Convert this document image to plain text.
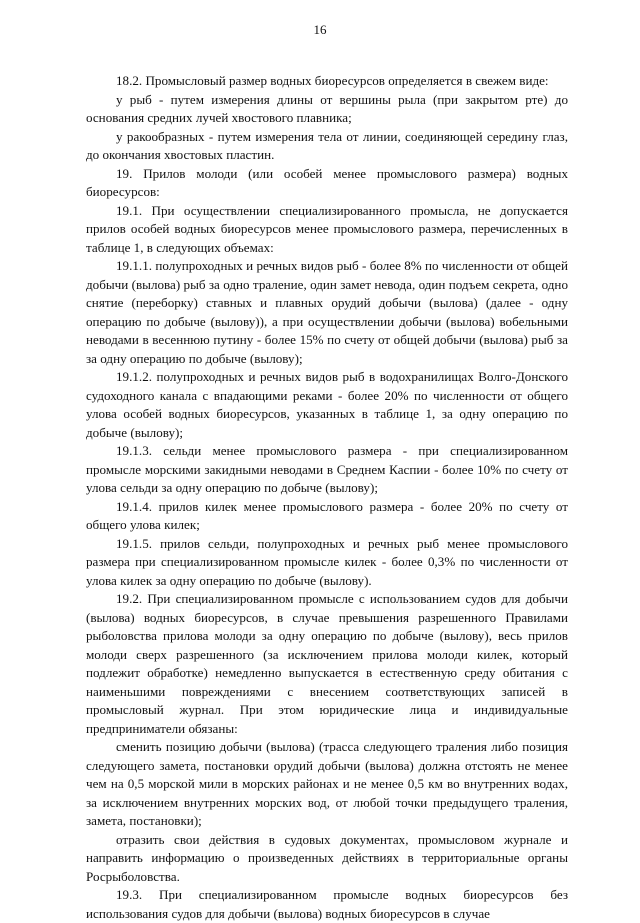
16

18.2. Промысловый размер водных биоресурсов определяется в свежем виде:

у рыб - путем измерения длины от вершины рыла (при закрытом рте) до основания средних лучей хвостового плавника;

у ракообразных - путем измерения тела от линии, соединяющей середину глаз, до окончания хвостовых пластин.

19. Прилов молоди (или особей менее промыслового размера) водных биоресурсов:

19.1. При осуществлении специализированного промысла, не допускается прилов особей водных биоресурсов менее промыслового размера, перечисленных в таблице 1, в следующих объемах:

19.1.1. полупроходных и речных видов рыб - более 8% по численности от общей добычи (вылова) рыб за одно траление, один замет невода, один подъем секрета, одно снятие (переборку) ставных и плавных орудий добычи (вылова) (далее - одну операцию по добыче (вылову)), а при осуществлении добычи (вылова) вобельными неводами в весеннюю путину - более 15% по счету от общей добычи (вылова) рыб за за одну операцию по добыче (вылову);

19.1.2. полупроходных и речных видов рыб в водохранилищах Волго-Донского судоходного канала с впадающими реками - более 20% по численности от общего улова особей водных биоресурсов, указанных в таблице 1, за одну операцию по добыче (вылову);

19.1.3. сельди менее промыслового размера - при специализированном промысле морскими закидными неводами в Среднем Каспии - более 10% по счету от улова сельди за одну операцию по добыче (вылову);

19.1.4. прилов килек менее промыслового размера - более 20% по счету от общего улова килек;

19.1.5. прилов сельди, полупроходных и речных рыб менее промыслового размера при специализированном промысле килек - более 0,3% по численности от улова килек за одну операцию по добыче (вылову).

19.2. При специализированном промысле с использованием судов для добычи (вылова) водных биоресурсов, в случае превышения разрешенного Правилами рыболовства прилова молоди за одну операцию по добыче (вылову), весь прилов молоди сверх разрешенного (за исключением прилова молоди килек, который подлежит обработке) немедленно выпускается в естественную среду обитания с наименьшими повреждениями с внесением соответствующих записей в промысловый журнал. При этом юридические лица и индивидуальные предприниматели обязаны:

сменить позицию добычи (вылова) (трасса следующего траления либо позиция следующего замета, постановки орудий добычи (вылова) должна отстоять не менее чем на 0,5 морской мили в морских районах и не менее 0,5 км во внутренних водах, за исключением внутренних морских вод, от любой точки предыдущего траления, замета, постановки);

отразить свои действия в судовых документах, промысловом журнале и направить информацию о произведенных действиях в территориальные органы Росрыболовства.

19.3. При специализированном промысле водных биоресурсов без использования судов для добычи (вылова) водных биоресурсов в случае
